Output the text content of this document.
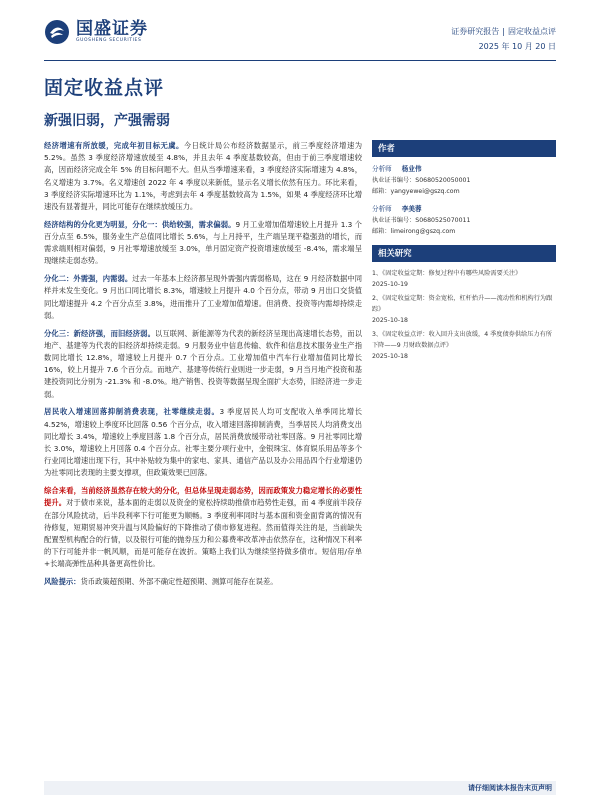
国盛证券
GUOSHENG SECURITIES
证券研究报告 | 固定收益点评
2025 年 10 月 20 日
固定收益点评
新强旧弱，产强需弱

经济增速有所放缓，完成年初目标无虞。今日统计局公布经济数据显示，前三季度经济增速为 5.2%。虽然 3 季度经济增速放缓至 4.8%，并且去年 4 季度基数较高，但由于前三季度增速较高，因而经济完成全年 5% 的目标问题不大。但从当季增速来看，3 季度经济实际增速为 4.8%，名义增速为 3.7%。名义增速创 2022 年 4 季度以来新低，显示名义增长依然有压力。环比来看，3 季度经济实际增速环比为 1.1%，考虑到去年 4 季度基数较高为 1.5%，如果 4 季度经济环比增速没有显著提升，同比可能存在继续放缓压力。

经济结构的分化更为明显，分化一：供给较强，需求偏弱。9 月工业增加值增速较上月提升 1.3 个百分点至 6.5%，服务业生产总值同比增长 5.6%，与上月持平，生产端呈现平稳强劲的增长，而需求端则相对偏弱，9 月社零增速放缓至 3.0%，单月固定资产投资增速放缓至 -8.4%，需求端呈现继续走弱态势。

分化二：外需强，内需弱。过去一年基本上经济都呈现外需强内需弱格局，这在 9 月经济数据中同样并未发生变化。9 月出口同比增长 8.3%，增速较上月提升 4.0 个百分点，带动 9 月出口交货值同比增速提升 4.2 个百分点至 3.8%，进而推升了工业增加值增速。但消费、投资等内需却持续走弱。

分化三：新经济强，而旧经济弱。以互联网、新能源等为代表的新经济呈现出高速增长态势，而以地产、基建等为代表的旧经济却持续走弱。9 月服务业中信息传输、软件和信息技术服务业生产指数同比增长 12.8%，增速较上月提升 0.7 个百分点。工业增加值中汽车行业增加值同比增长 16%，较上月提升 7.6 个百分点。而地产、基建等传统行业则进一步走弱，9 月当月地产投资和基建投资同比分别为 -21.3% 和 -8.0%。地产销售、投资等数据呈现全面扩大态势，旧经济进一步走弱。

居民收入增速回落抑制消费表现，社零继续走弱。3 季度居民人均可支配收入单季同比增长 4.52%，增速较上季度环比回落 0.56 个百分点，收入增速回落抑制消费，当季居民人均消费支出同比增长 3.4%，增速较上季度回落 1.8 个百分点，居民消费放缓带动社零回落。9 月社零同比增长 3.0%，增速较上月回落 0.4 个百分点。社零主要分项行业中，金银珠宝、体育娱乐用品等多个行业同比增速出现下行，其中补贴较为集中的家电、家具、通信产品以及办公用品四个行业增速仍为社零同比表现的主要支撑项，但政策效果已回落。

综合来看，当前经济虽然存在较大的分化，但总体呈现走弱态势，因而政策发力稳定增长的必要性提升。对于债市来说，基本面的走弱以及资金的宽松持续助推债市趋势性走强，而 4 季度前半段存在部分风险扰动，后半段利率下行可能更为顺畅。3 季度利率同时与基本面和资金面背离的情况有待修复，短期贸易冲突升温与风险偏好的下降推动了债市修复进程。然而值得关注的是，当前缺失配置型机构配合的行情，以及银行可能的抛券压力和公募费率改革冲击依然存在，这种情况下利率的下行可能并非一帆风顺，而是可能存在波折。策略上我们认为继续坚持做多债市。短信用/存单+长端高弹性品种具备更高性价比。

风险提示：货币政策超预期、外部不确定性超预期、测算可能存在误差。

作者
分析师 杨业伟
执业证书编号：S0680520050001
邮箱：yangyewei@gszq.com
分析师 李美蓉
执业证书编号：S0680525070011
邮箱：limeirong@gszq.com
相关研究
1、《固定收益定期：修复过程中有哪些风险需要关注》
2025-10-19
2、《固定收益定期：资金宽松，杠杆抬升——流动性和机构行为跟踪》
2025-10-18
3、《固定收益点评：收入回升支出放缓，4 季度债券供给压力有所下降——9 月财政数据点评》
2025-10-18
请仔细阅读本报告末页声明
